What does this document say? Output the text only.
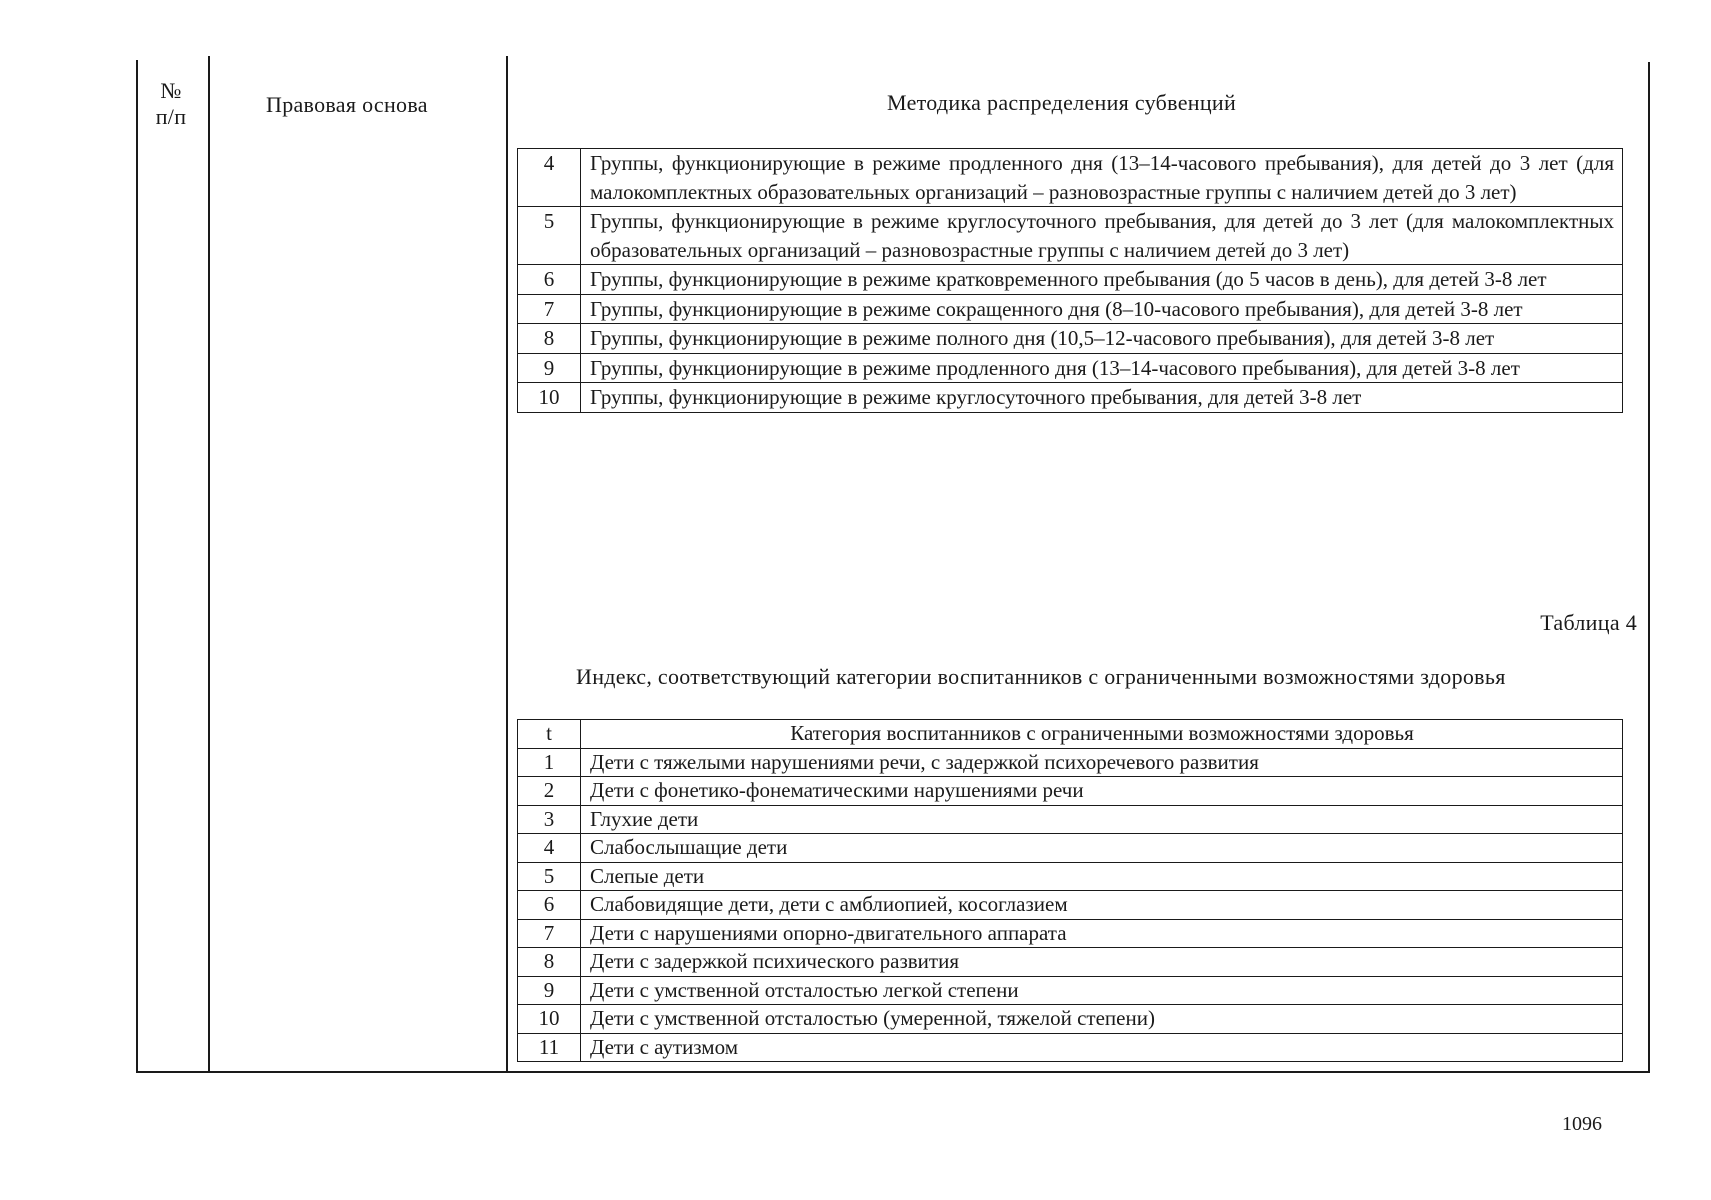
№
п/п	Правовая основа	Методика распределения субвенций
4	Группы, функционирующие в режиме продленного дня (13–14-часового пребывания), для детей до 3 лет (для малокомплектных образовательных организаций – разновозрастные группы с наличием детей до 3 лет)
5	Группы, функционирующие в режиме круглосуточного пребывания, для детей до 3 лет (для малокомплектных образовательных организаций – разновозрастные группы с наличием детей до 3 лет)
6	Группы, функционирующие в режиме кратковременного пребывания (до 5 часов в день), для детей 3-8 лет
7	Группы, функционирующие в режиме сокращенного дня (8–10-часового пребывания), для детей 3-8 лет
8	Группы, функционирующие в режиме полного дня (10,5–12-часового пребывания), для детей 3-8 лет
9	Группы, функционирующие в режиме продленного дня (13–14-часового пребывания), для детей 3-8 лет
10	Группы, функционирующие в режиме круглосуточного пребывания, для детей 3-8 лет
Таблица 4
Индекс, соответствующий категории воспитанников с ограниченными возможностями здоровья
t	Категория воспитанников с ограниченными возможностями здоровья
1	Дети с тяжелыми нарушениями речи, с задержкой психоречевого развития
2	Дети с фонетико-фонематическими нарушениями речи
3	Глухие дети
4	Слабослышащие дети
5	Слепые дети
6	Слабовидящие дети, дети с амблиопией, косоглазием
7	Дети с нарушениями опорно-двигательного аппарата
8	Дети с задержкой психического развития
9	Дети с умственной отсталостью легкой степени
10	Дети с умственной отсталостью (умеренной, тяжелой степени)
11	Дети с аутизмом
1096
